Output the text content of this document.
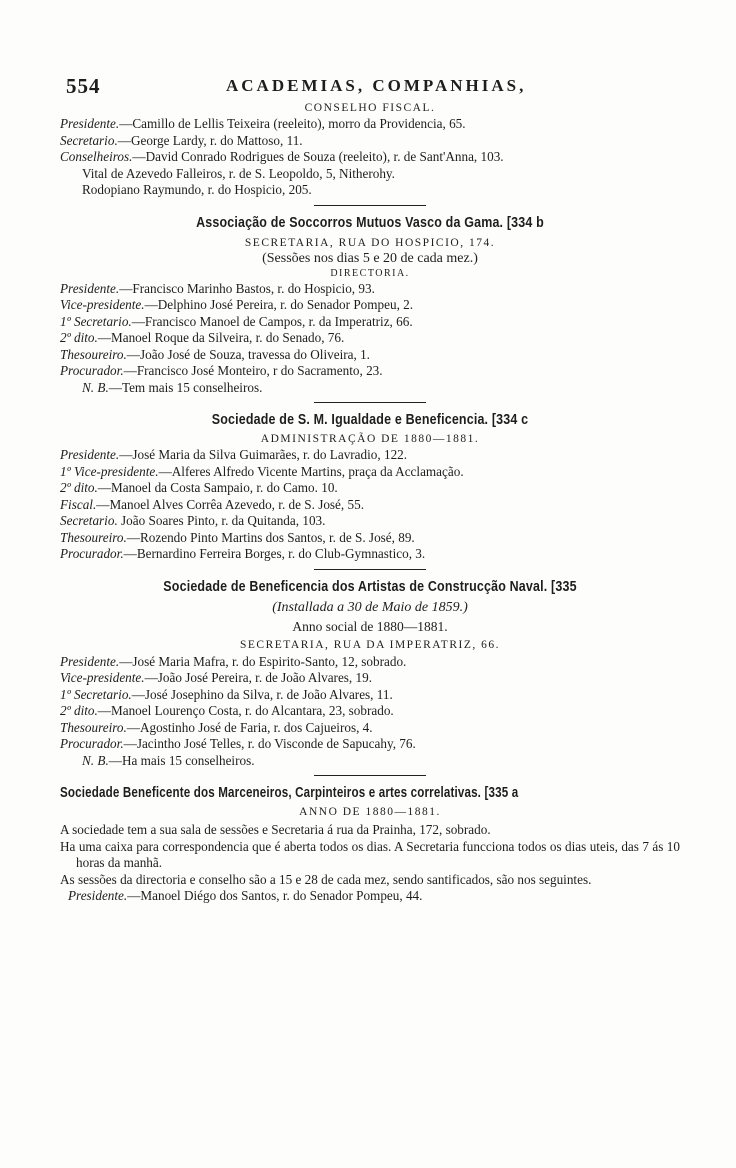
554	ACADEMIAS, COMPANHIAS,
CONSELHO FISCAL.
Presidente.—Camillo de Lellis Teixeira (reeleito), morro da Providencia, 65.
Secretario.—George Lardy, r. do Mattoso, 11.
Conselheiros.—David Conrado Rodrigues de Souza (reeleito), r. de Sant'Anna, 103.
Vital de Azevedo Falleiros, r. de S. Leopoldo, 5, Nitherohy.
Rodopiano Raymundo, r. do Hospicio, 205.
Associação de Soccorros Mutuos Vasco da Gama. [334 b
SECRETARIA, RUA DO HOSPICIO, 174.
(Sessões nos dias 5 e 20 de cada mez.)
DIRECTORIA.
Presidente.—Francisco Marinho Bastos, r. do Hospicio, 93.
Vice-presidente.—Delphino José Pereira, r. do Senador Pompeu, 2.
1º Secretario.—Francisco Manoel de Campos, r. da Imperatriz, 66.
2º dito.—Manoel Roque da Silveira, r. do Senado, 76.
Thesoureiro.—João José de Souza, travessa do Oliveira, 1.
Procurador.—Francisco José Monteiro, r do Sacramento, 23.
N. B.—Tem mais 15 conselheiros.
Sociedade de S. M. Igualdade e Beneficencia. [334 c
ADMINISTRAÇÃO DE 1880—1881.
Presidente.—José Maria da Silva Guimarães, r. do Lavradio, 122.
1º Vice-presidente.—Alferes Alfredo Vicente Martins, praça da Acclamação.
2º dito.—Manoel da Costa Sampaio, r. do Camo. 10.
Fiscal.—Manoel Alves Corrêa Azevedo, r. de S. José, 55.
Secretario. João Soares Pinto, r. da Quitanda, 103.
Thesoureiro.—Rozendo Pinto Martins dos Santos, r. de S. José, 89.
Procurador.—Bernardino Ferreira Borges, r. do Club-Gymnastico, 3.
Sociedade de Beneficencia dos Artistas de Construcção Naval. [335
(Installada a 30 de Maio de 1859.)
Anno social de 1880—1881.
SECRETARIA, RUA DA IMPERATRIZ, 66.
Presidente.—José Maria Mafra, r. do Espirito-Santo, 12, sobrado.
Vice-presidente.—João José Pereira, r. de João Alvares, 19.
1º Secretario.—José Josephino da Silva, r. de João Alvares, 11.
2º dito.—Manoel Lourenço Costa, r. do Alcantara, 23, sobrado.
Thesoureiro.—Agostinho José de Faria, r. dos Cajueiros, 4.
Procurador.—Jacintho José Telles, r. do Visconde de Sapucahy, 76.
N. B.—Ha mais 15 conselheiros.
Sociedade Beneficente dos Marceneiros, Carpinteiros e artes correlativas. [335 a
ANNO DE 1880—1881.
A sociedade tem a sua sala de sessões e Secretaria á rua da Prainha, 172, sobrado.
Ha uma caixa para correspondencia que é aberta todos os dias. A Secretaria funcciona todos os dias uteis, das 7 ás 10 horas da manhã.
As sessões da directoria e conselho são a 15 e 28 de cada mez, sendo santificados, são nos seguintes.
Presidente.—Manoel Diégo dos Santos, r. do Senador Pompeu, 44.
